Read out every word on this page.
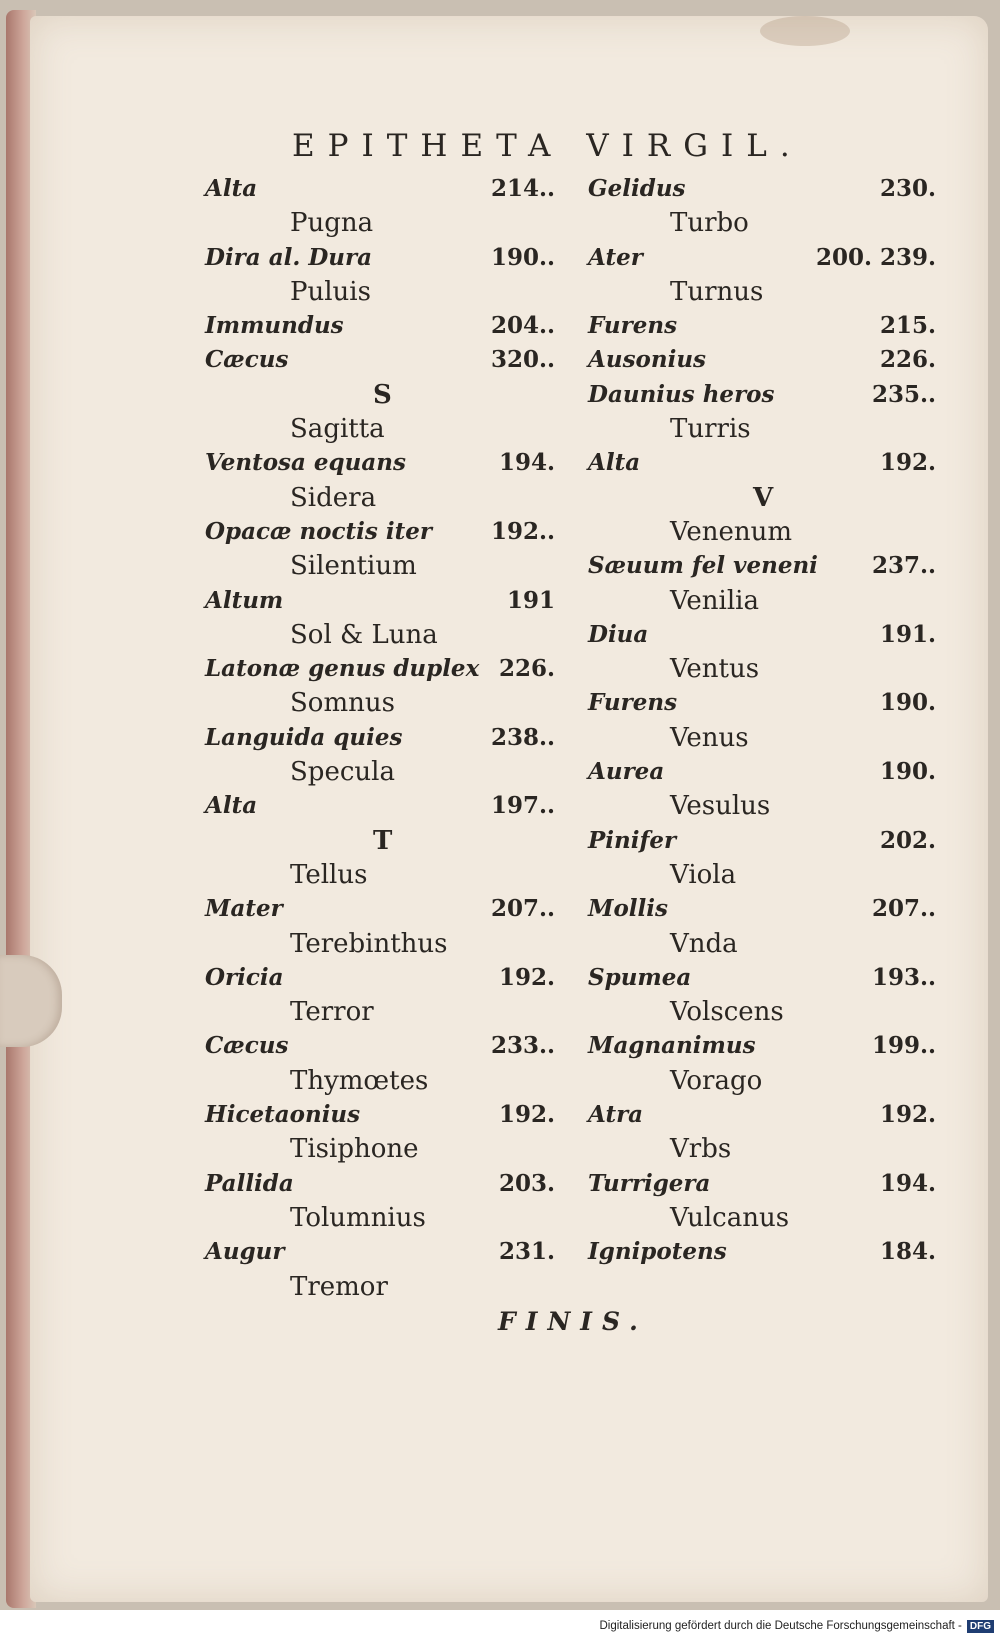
EPITHETA VIRGIL.
Alta	214..
Pugna
Dira al. Dura	190..
Puluis
Immundus	204..
Cæcus	320..
S
Sagitta
Ventosa equans	194.
Sidera
Opacæ noctis iter	192..
Silentium
Altum	191
Sol & Luna
Latonæ genus duplex 226.
Somnus
Languida quies	238..
Specula
Alta	197..
T
Tellus
Mater	207..
Terebinthus
Oricia	192.
Terror
Cæcus	233..
Thymœtes
Hicetaonius	192.
Tisiphone
Pallida	203.
Tolumnius
Augur	231.
Tremor
Gelidus	230.
Turbo
Ater	200. 239.
Turnus
Furens	215.
Ausonius	226.
Daunius heros	235..
Turris
Alta	192.
V
Venenum
Sæuum fel veneni 237..
Venilia
Diua	191.
Ventus
Furens	190.
Venus
Aurea	190.
Vesulus
Pinifer	202.
Viola
Mollis	207..
Vnda
Spumea	193..
Volscens
Magnanimus	199..
Vorago
Atra	192.
Vrbs
Turrigera	194.
Vulcanus
Ignipotens	184.
FINIS.
Digitalisierung gefördert durch die Deutsche Forschungsgemeinschaft - DFG
